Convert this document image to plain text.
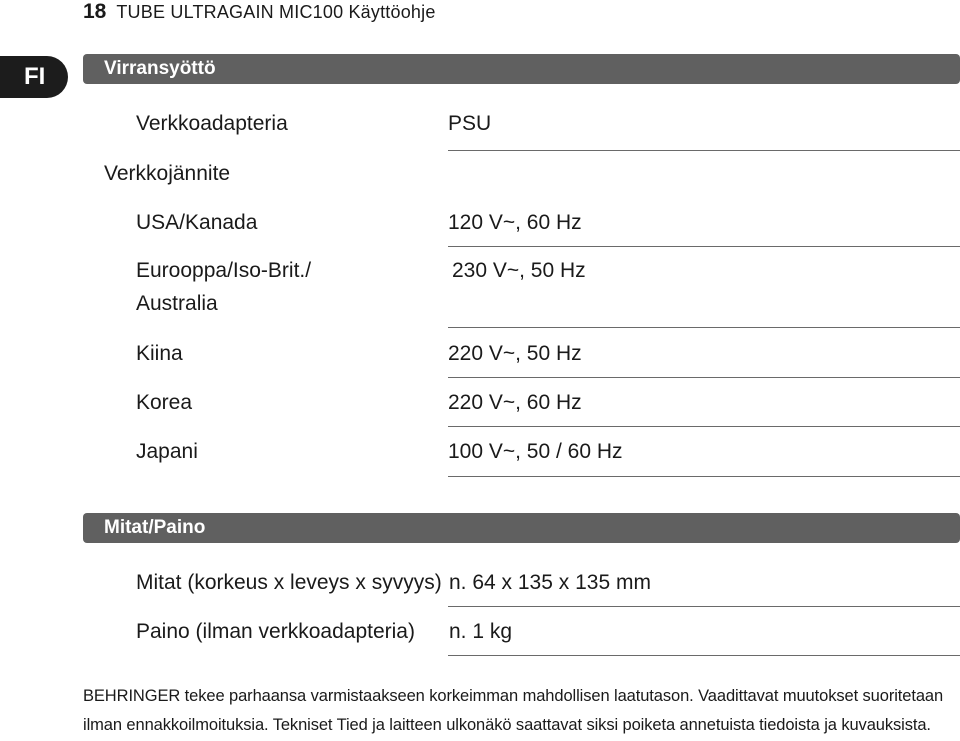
18 TUBE ULTRAGAIN MIC100 Käyttöohje
FI	Virransyöttö
Verkkoadapteria	PSU
Verkkojännite
USA/Kanada	120 V~, 60 Hz
Eurooppa/Iso-Brit./	230 V~, 50 Hz
Australia
Kiina	220 V~, 50 Hz
Korea	220 V~, 60 Hz
Japani	100 V~, 50 / 60 Hz
Mitat/Paino
Mitat (korkeus x leveys x syvyys) n. 64 x 135 x 135 mm
Paino (ilman verkkoadapteria) n. 1 kg
BEHRINGER tekee parhaansa varmistaakseen korkeimman mahdollisen laatutason. Vaadittavat muutokset suoritetaan ilman ennakkoilmoituksia. Tekniset Tied ja laitteen ulkonäkö saattavat siksi poiketa annetuista tiedoista ja kuvauksista.
